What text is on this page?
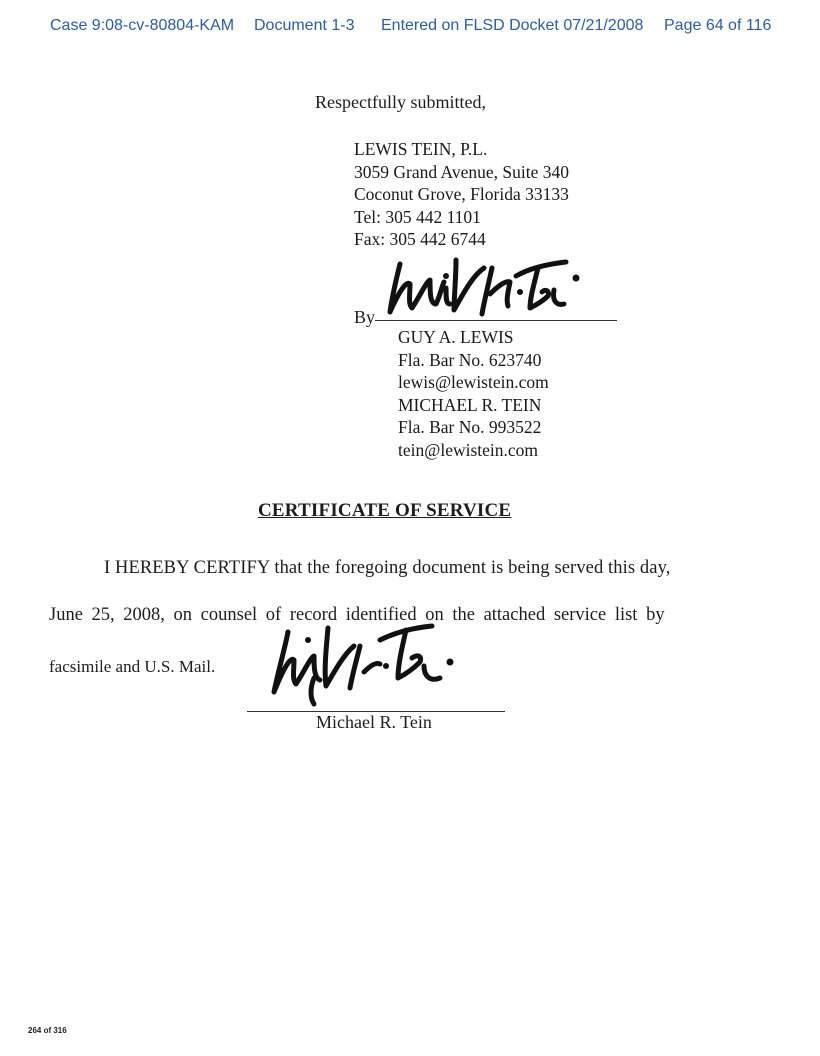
Case 9:08-cv-80804-KAM Document 1-3 Entered on FLSD Docket 07/21/2008 Page 64 of 116
Respectfully submitted,
LEWIS TEIN, P.L.
3059 Grand Avenue, Suite 340
Coconut Grove, Florida 33133
Tel: 305 442 1101
Fax: 305 442 6744
By
GUY A. LEWIS
Fla. Bar No. 623740
lewis@lewistein.com
MICHAEL R. TEIN
Fla. Bar No. 993522
tein@lewistein.com
CERTIFICATE OF SERVICE
I HEREBY CERTIFY that the foregoing document is being served this day,
June 25, 2008, on counsel of record identified on the attached service list by
facsimile and U.S. Mail.
Michael R. Tein
264 of 316
